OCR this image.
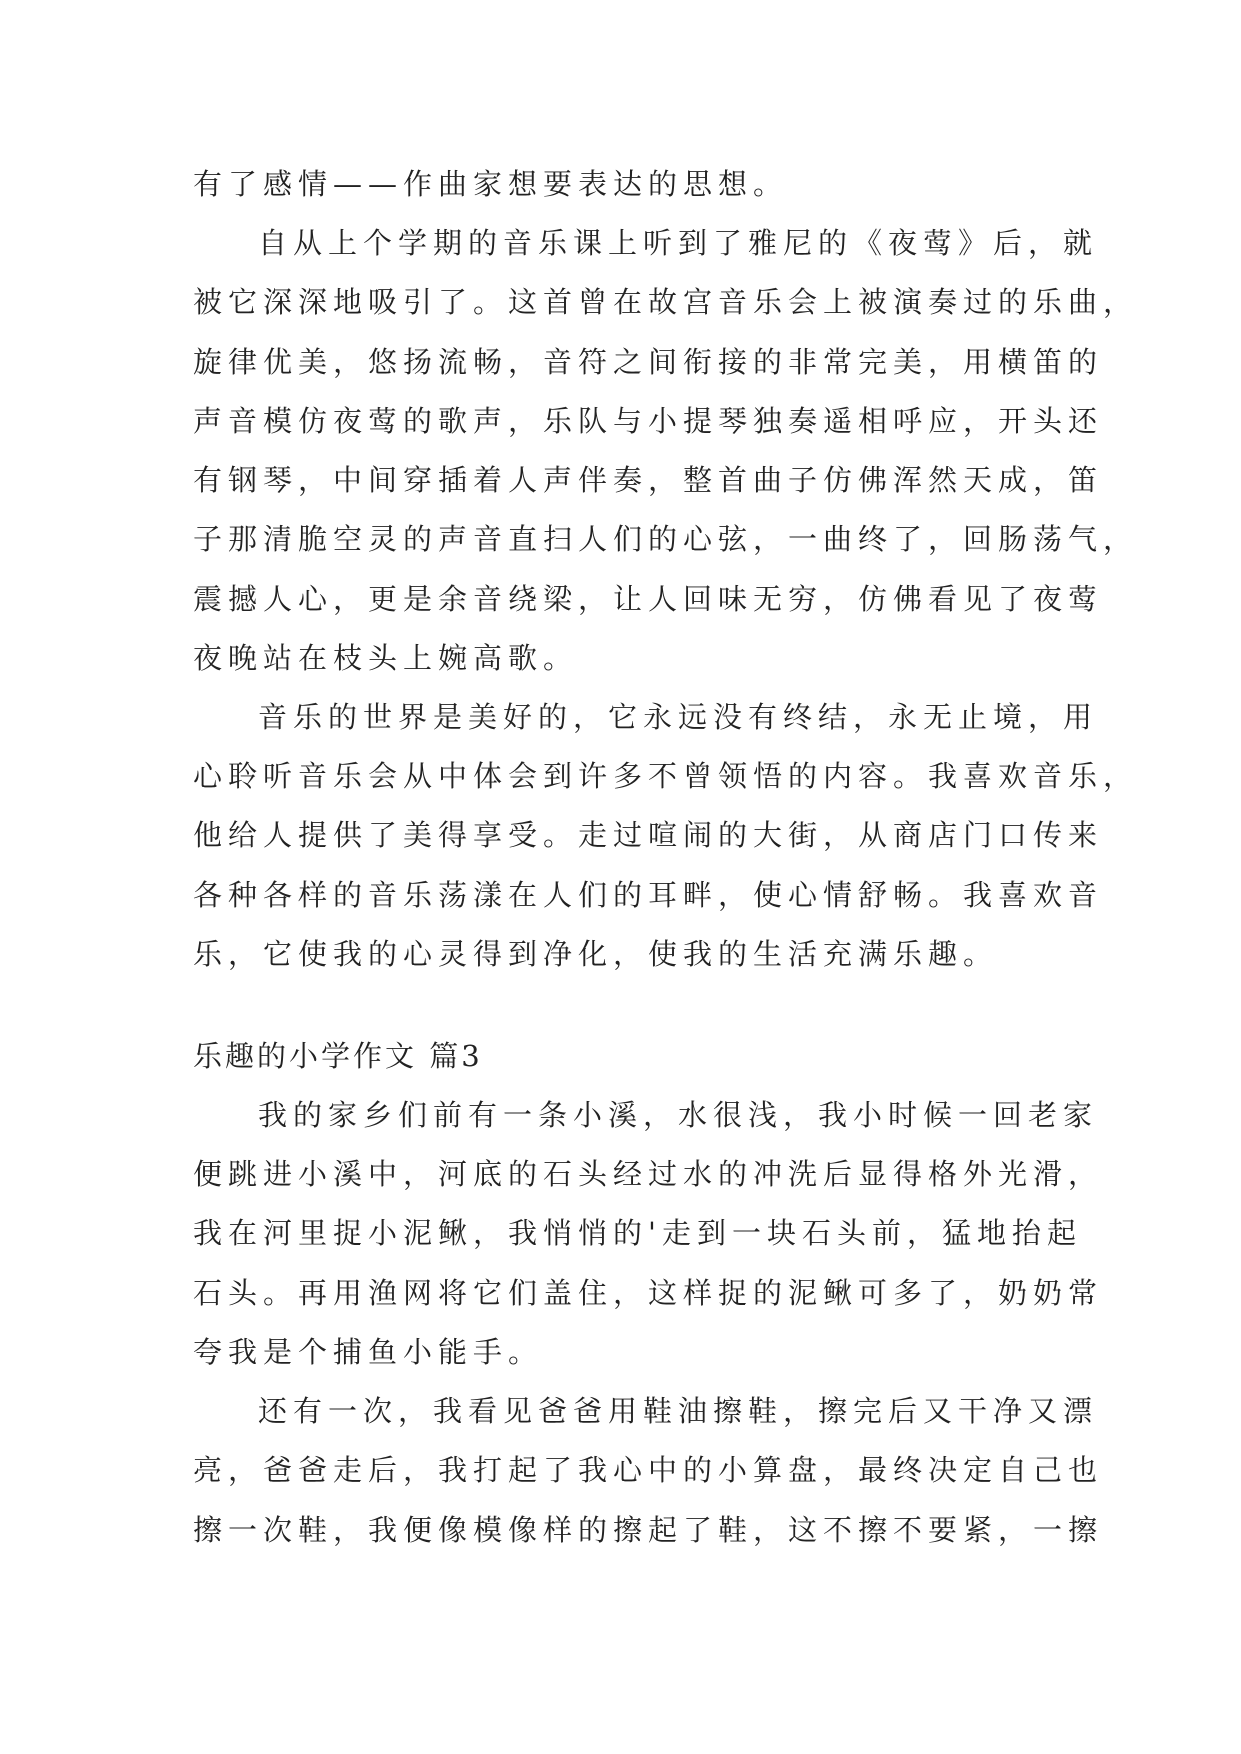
有了感情——作曲家想要表达的思想。
自从上个学期的音乐课上听到了雅尼的《夜莺》后，就
被它深深地吸引了。这首曾在故宫音乐会上被演奏过的乐曲，
旋律优美，悠扬流畅，音符之间衔接的非常完美，用横笛的
声音模仿夜莺的歌声，乐队与小提琴独奏遥相呼应，开头还
有钢琴，中间穿插着人声伴奏，整首曲子仿佛浑然天成，笛
子那清脆空灵的声音直扫人们的心弦，一曲终了，回肠荡气，
震撼人心，更是余音绕梁，让人回味无穷，仿佛看见了夜莺
夜晚站在枝头上婉高歌。
音乐的世界是美好的，它永远没有终结，永无止境，用
心聆听音乐会从中体会到许多不曾领悟的内容。我喜欢音乐，
他给人提供了美得享受。走过喧闹的大街，从商店门口传来
各种各样的音乐荡漾在人们的耳畔，使心情舒畅。我喜欢音
乐，它使我的心灵得到净化，使我的生活充满乐趣。
乐趣的小学作文 篇3
我的家乡们前有一条小溪，水很浅，我小时候一回老家
便跳进小溪中，河底的石头经过水的冲洗后显得格外光滑，
我在河里捉小泥鳅，我悄悄的'走到一块石头前，猛地抬起
石头。再用渔网将它们盖住，这样捉的泥鳅可多了，奶奶常
夸我是个捕鱼小能手。
还有一次，我看见爸爸用鞋油擦鞋，擦完后又干净又漂
亮，爸爸走后，我打起了我心中的小算盘，最终决定自己也
擦一次鞋，我便像模像样的擦起了鞋，这不擦不要紧，一擦
